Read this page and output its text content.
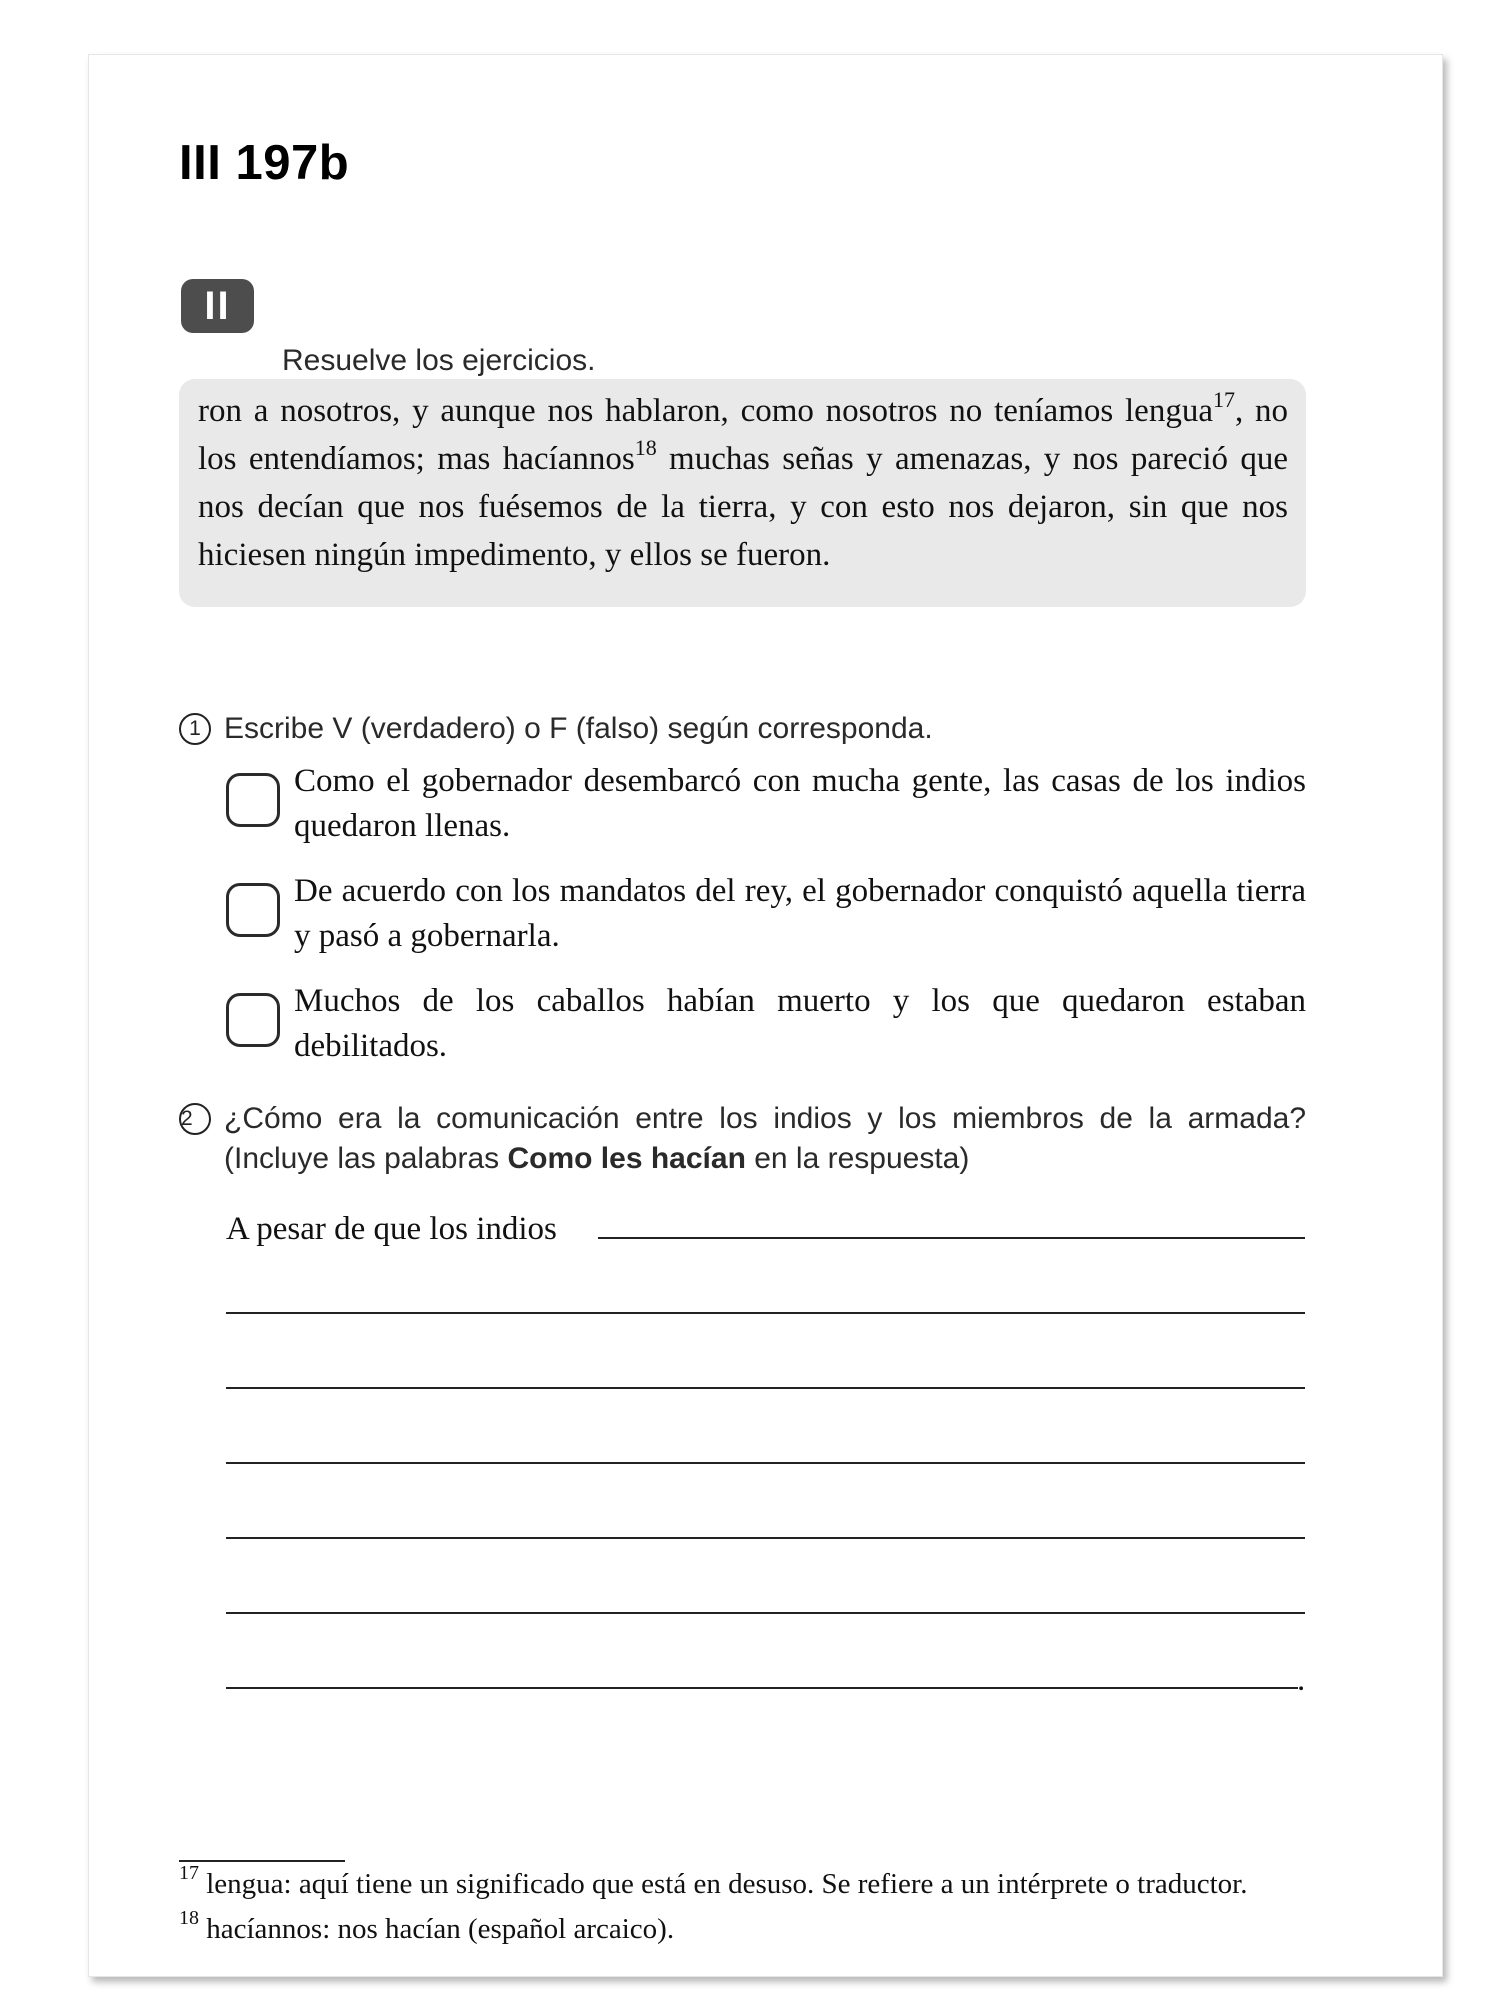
III 197b
II
Resuelve los ejercicios.
ron a nosotros, y aunque nos hablaron, como nosotros no teníamos lengua$^{17}$, no los entendíamos; mas hacíannos$^{18}$ muchas señas y amenazas, y nos pareció que nos decían que nos fuésemos de la tierra, y con esto nos dejaron, sin que nos hiciesen ningún impedimento, y ellos se fueron.
1 Escribe V (verdadero) o F (falso) según corresponda.
Como el gobernador desembarcó con mucha gente, las casas de los indios quedaron llenas.
De acuerdo con los mandatos del rey, el gobernador conquistó aquella tierra y pasó a gobernarla.
Muchos de los caballos habían muerto y los que quedaron estaban debilitados.
2 ¿Cómo era la comunicación entre los indios y los miembros de la armada?
(Incluye las palabras Como les hacían en la respuesta)
A pesar de que los indios
.
$^{17}$ lengua: aquí tiene un significado que está en desuso. Se refiere a un intérprete o traductor.
$^{18}$ hacíannos: nos hacían (español arcaico).
